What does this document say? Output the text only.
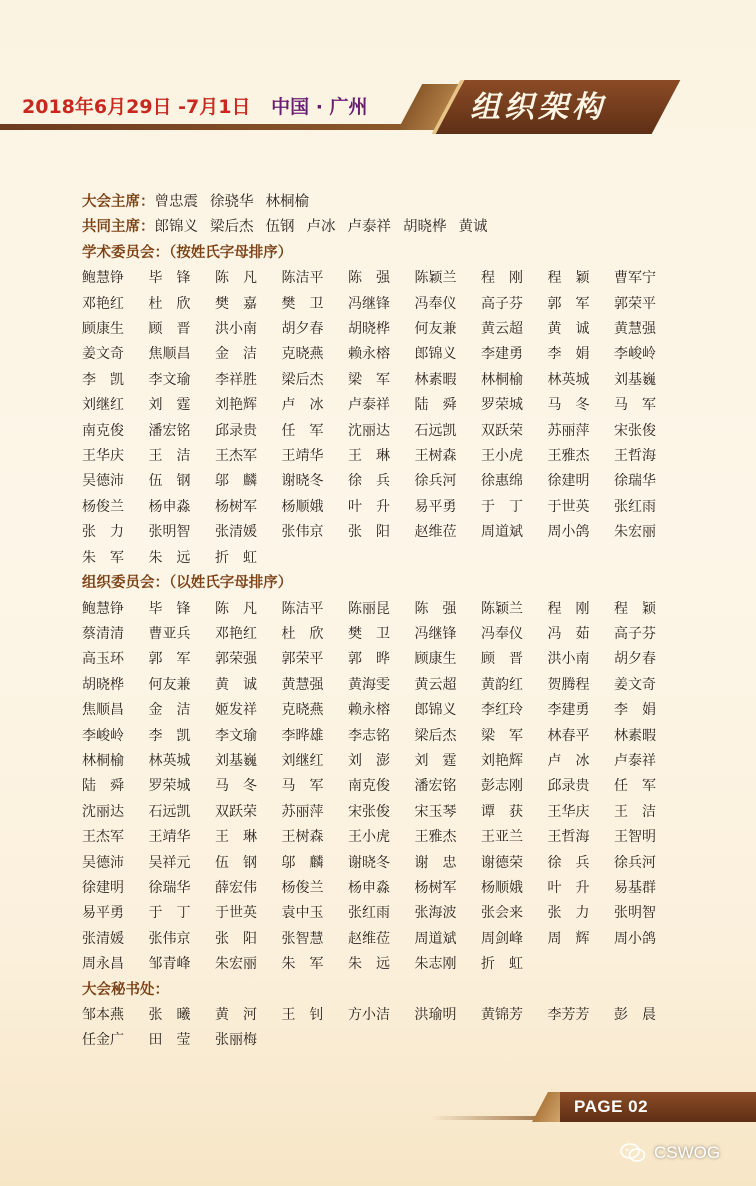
2018年6月29日 -7月1日 中国 · 广州	组织架构
大会主席： 曾忠震 徐骁华 林桐榆
共同主席： 郎锦义 梁后杰 伍钢 卢冰 卢泰祥 胡晓桦 黄诚
学术委员会：（按姓氏字母排序）
鲍慧铮	毕　锋	陈　凡	陈洁平	陈　强	陈颖兰	程　刚	程　颖	曹军宁
邓艳红	杜　欣	樊　嘉	樊　卫	冯继锋	冯奉仪	高子芬	郭　军	郭荣平
顾康生	顾　晋	洪小南	胡夕春	胡晓桦	何友兼	黄云超	黄　诚	黄慧强
姜文奇	焦顺昌	金　洁	克晓燕	赖永榕	郎锦义	李建勇	李　娟	李峻岭
李　凯	李文瑜	李祥胜	梁后杰	梁　军	林素暇	林桐榆	林英城	刘基巍
刘继红	刘　霆	刘艳辉	卢　冰	卢泰祥	陆　舜	罗荣城	马　冬	马　军
南克俊	潘宏铭	邱录贵	任　军	沈丽达	石远凯	双跃荣	苏丽萍	宋张俊
王华庆	王　洁	王杰军	王靖华	王　琳	王树森	王小虎	王雅杰	王哲海
吴德沛	伍　钢	邬　麟	谢晓冬	徐　兵	徐兵河	徐惠绵	徐建明	徐瑞华
杨俊兰	杨申淼	杨树军	杨顺娥	叶　升	易平勇	于　丁	于世英	张红雨
张　力	张明智	张清媛	张伟京	张　阳	赵维莅	周道斌	周小鸽	朱宏丽
朱　军	朱　远	折　虹
组织委员会：（以姓氏字母排序）
鲍慧铮	毕　锋	陈　凡	陈洁平	陈丽昆	陈　强	陈颖兰	程　刚	程　颖
蔡清清	曹亚兵	邓艳红	杜　欣	樊　卫	冯继锋	冯奉仪	冯　茹	高子芬
高玉环	郭　军	郭荣强	郭荣平	郭　晔	顾康生	顾　晋	洪小南	胡夕春
胡晓桦	何友兼	黄　诚	黄慧强	黄海雯	黄云超	黄韵红	贺腾程	姜文奇
焦顺昌	金　洁	姬发祥	克晓燕	赖永榕	郎锦义	李红玲	李建勇	李　娟
李峻岭	李　凯	李文瑜	李晔雄	李志铭	梁后杰	梁　军	林春平	林素暇
林桐榆	林英城	刘基巍	刘继红	刘　澎	刘　霆	刘艳辉	卢　冰	卢泰祥
陆　舜	罗荣城	马　冬	马　军	南克俊	潘宏铭	彭志刚	邱录贵	任　军
沈丽达	石远凯	双跃荣	苏丽萍	宋张俊	宋玉琴	谭　获	王华庆	王　洁
王杰军	王靖华	王　琳	王树森	王小虎	王雅杰	王亚兰	王哲海	王智明
吴德沛	吴祥元	伍　钢	邬　麟	谢晓冬	谢　忠	谢德荣	徐　兵	徐兵河
徐建明	徐瑞华	薛宏伟	杨俊兰	杨申淼	杨树军	杨顺娥	叶　升	易基群
易平勇	于　丁	于世英	袁中玉	张红雨	张海波	张会来	张　力	张明智
张清媛	张伟京	张　阳	张智慧	赵维莅	周道斌	周剑峰	周　辉	周小鸽
周永昌	邹青峰	朱宏丽	朱　军	朱　远	朱志刚	折　虹
大会秘书处：
邹本燕	张　曦	黄　河	王　钊	方小洁	洪瑜明	黄锦芳	李芳芳	彭　晨
任金广	田　莹	张丽梅
PAGE 02
CSWOG
